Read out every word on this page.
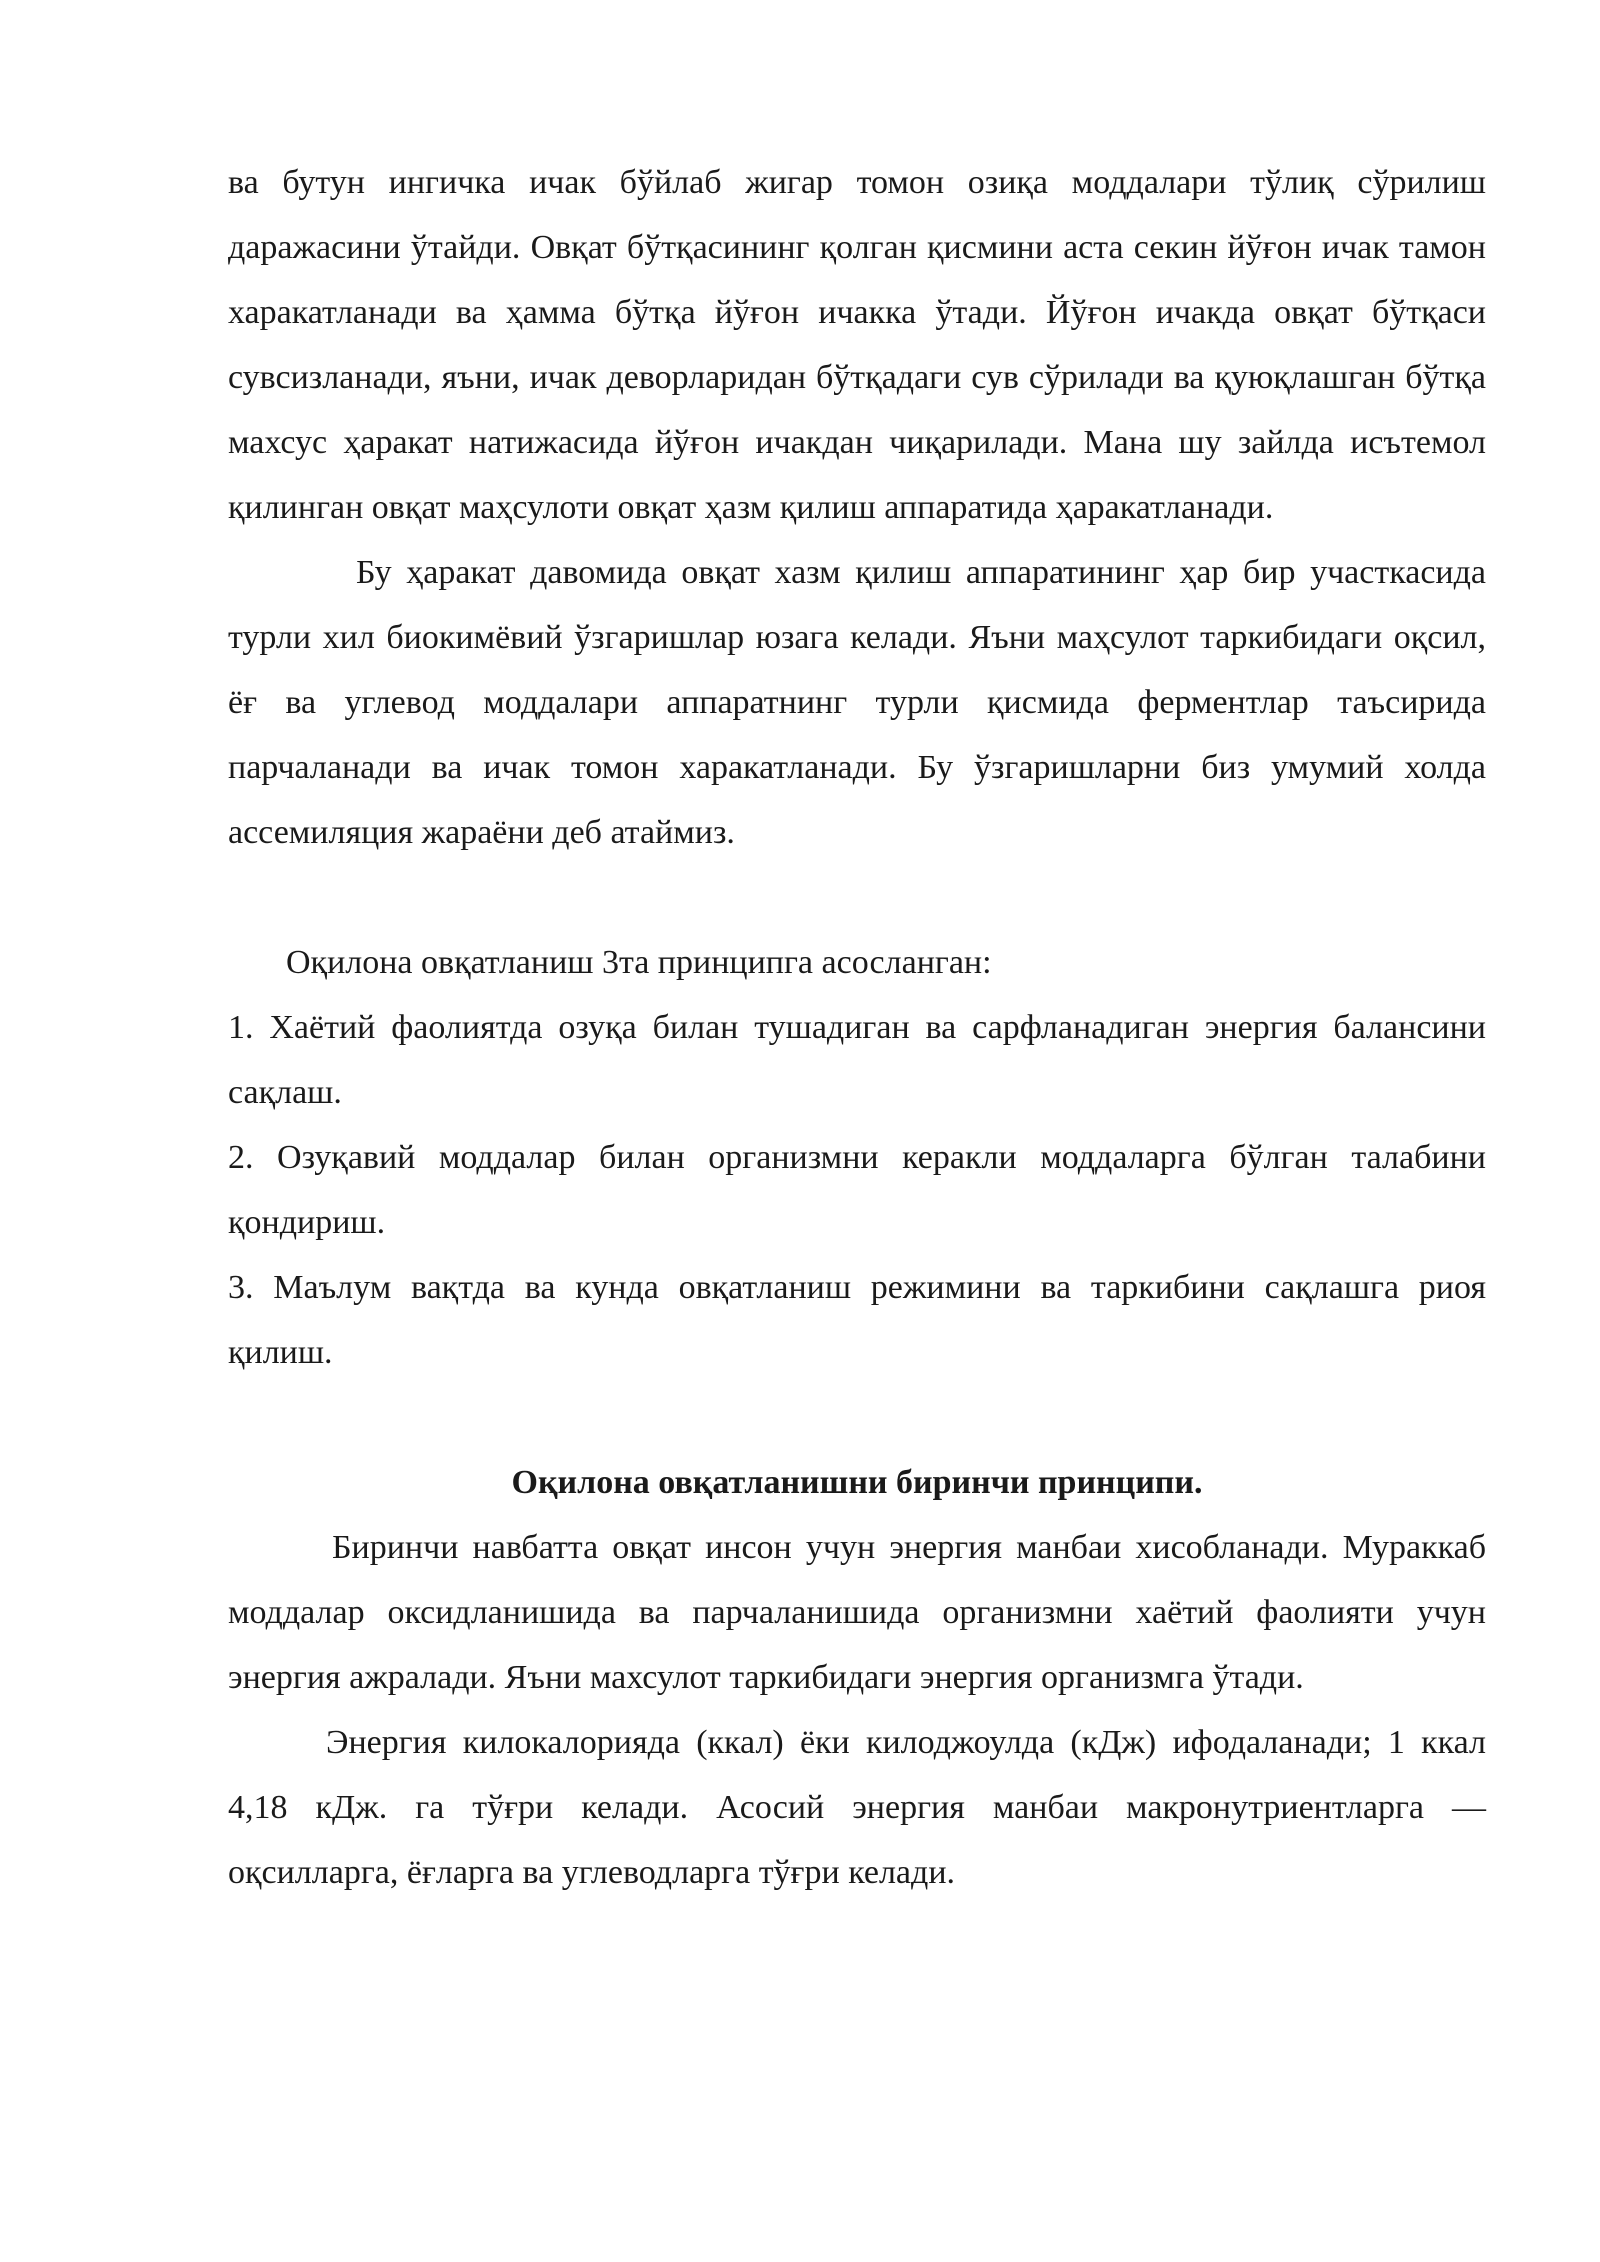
ва бутун ингичка ичак бўйлаб жигар томон озиқа моддалари тўлиқ сўрилиш даражасини ўтайди. Овқат бўтқасининг қолган қисмини аста секин йўғон ичак тамон харакатланади ва ҳамма бўтқа йўғон ичакка ўтади. Йўғон ичакда овқат бўтқаси сувсизланади, яъни, ичак деворларидан бўтқадаги сув сўрилади ва қуюқлашган бўтқа махсус ҳаракат натижасида йўғон ичакдан чиқарилади. Мана шу зайлда исътемол қилинган овқат маҳсулоти овқат ҳазм қилиш аппаратида ҳаракатланади.

Бу ҳаракат давомида овқат хазм қилиш аппаратининг ҳар бир участкасида турли хил биокимёвий ўзгаришлар юзага келади. Яъни маҳсулот таркибидаги оқсил, ёғ ва углевод моддалари аппаратнинг турли қисмида ферментлар таъсирида парчаланади ва ичак томон харакатланади. Бу ўзгаришларни биз умумий холда ассемиляция жараёни деб атаймиз.

Оқилона овқатланиш 3та принципга асосланган:

1. Хаётий фаолиятда озуқа билан тушадиган ва сарфланадиган энергия балансини сақлаш.

2. Озуқавий моддалар билан организмни керакли моддаларга бўлган талабини қондириш.

3. Маълум вақтда ва кунда овқатланиш режимини ва таркибини сақлашга риоя қилиш.

Оқилона овқатланишни биринчи принципи.

Биринчи навбатта овқат инсон учун энергия манбаи хисобланади. Мураккаб моддалар оксидланишида ва парчаланишида организмни хаётий фаолияти учун энергия ажралади. Яъни махсулот таркибидаги энергия организмга ўтади.

Энергия килокалорияда (ккал) ёки килоджоулда (кДж) ифодаланади; 1 ккал 4,18 кДж. га тўғри келади. Асосий энергия манбаи макронутриентларга — оқсилларга, ёғларга ва углеводларга тўғри келади.
